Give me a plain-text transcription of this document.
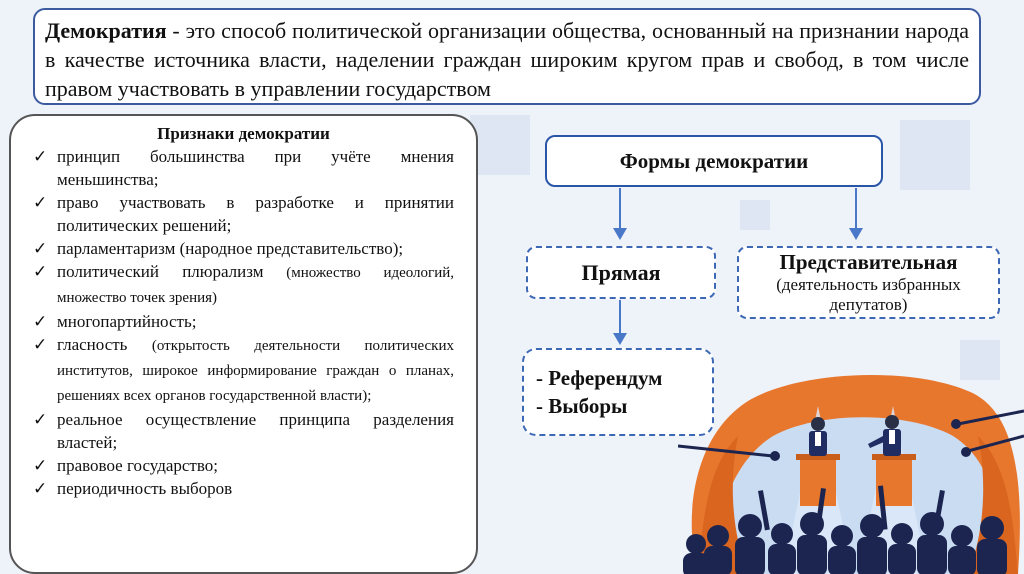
Демократия - это способ политической организации общества, основанный на признании народа в качестве источника власти, наделении граждан широким кругом прав и свобод, в том числе правом участвовать в управлении государством
Признаки демократии
✓ принцип большинства при учёте мнения меньшинства;
✓ право участвовать в разработке и принятии политических решений;
✓ парламентаризм (народное представительство);
✓ политический плюрализм (множество идеологий, множество точек зрения)
✓ многопартийность;
✓ гласность (открытость деятельности политических институтов, широкое информирование граждан о планах, решениях всех органов государственной власти);
✓ реальное осуществление принципа разделения властей;
✓ правовое государство;
✓ периодичность выборов
Формы демократии
Прямая	Представительная
(деятельность избранных депутатов)
- Референдум
- Выборы
